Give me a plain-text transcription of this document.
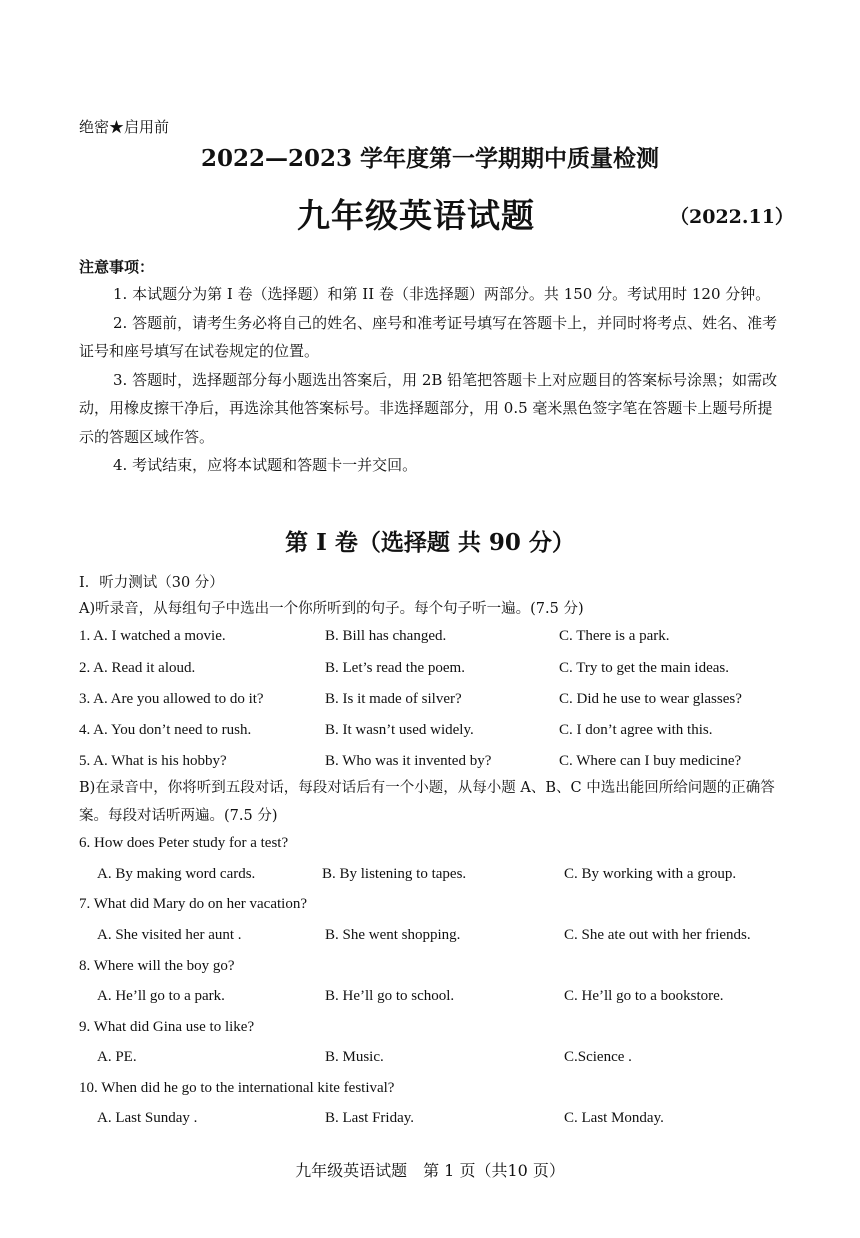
绝密★启用前
2022—2023 学年度第一学期期中质量检测
九年级英语试题	（2022.11）
注意事项：

1. 本试题分为第 I 卷（选择题）和第 II 卷（非选择题）两部分。共 150 分。考试用时 120 分钟。

2. 答题前，请考生务必将自己的姓名、座号和准考证号填写在答题卡上，并同时将考点、姓名、准考证号和座号填写在试卷规定的位置。

3. 答题时，选择题部分每小题选出答案后，用 2B 铅笔把答题卡上对应题目的答案标号涂黑；如需改动，用橡皮擦干净后，再选涂其他答案标号。非选择题部分，用 0.5 毫米黑色签字笔在答题卡上题号所提示的答题区域作答。

4. 考试结束，应将本试题和答题卡一并交回。

第 I 卷（选择题 共 90 分）
I．听力测试（30 分）
A)听录音，从每组句子中选出一个你所听到的句子。每个句子听一遍。(7.5 分)
1. A. I watched a movie.	B. Bill has changed.	C. There is a park.
2. A. Read it aloud.	B. Let’s read the poem.	C. Try to get the main ideas.
3. A. Are you allowed to do it?	B. Is it made of silver?	C. Did he use to wear glasses?
4. A. You don’t need to rush.	B. It wasn’t used widely.	C. I don’t agree with this.
5. A. What is his hobby?	B. Who was it invented by?	C. Where can I buy medicine?
B)在录音中，你将听到五段对话，每段对话后有一个小题，从每小题 A、B、C 中选出能回所给问题的正确答案。每段对话听两遍。(7.5 分)
6. How does Peter study for a test?
A. By making word cards.	B. By listening to tapes.	C. By working with a group.
7. What did Mary do on her vacation?
A. She visited her aunt .	B. She went shopping.	C. She ate out with her friends.
8. Where will the boy go?
A. He’ll go to a park.	B. He’ll go to school.	C. He’ll go to a bookstore.
9. What did Gina use to like?
A. PE.	B. Music.	C.Science .
10. When did he go to the international kite festival?
A. Last Sunday .	B. Last Friday.	C. Last Monday.
九年级英语试题　第 1 页（共10 页）
